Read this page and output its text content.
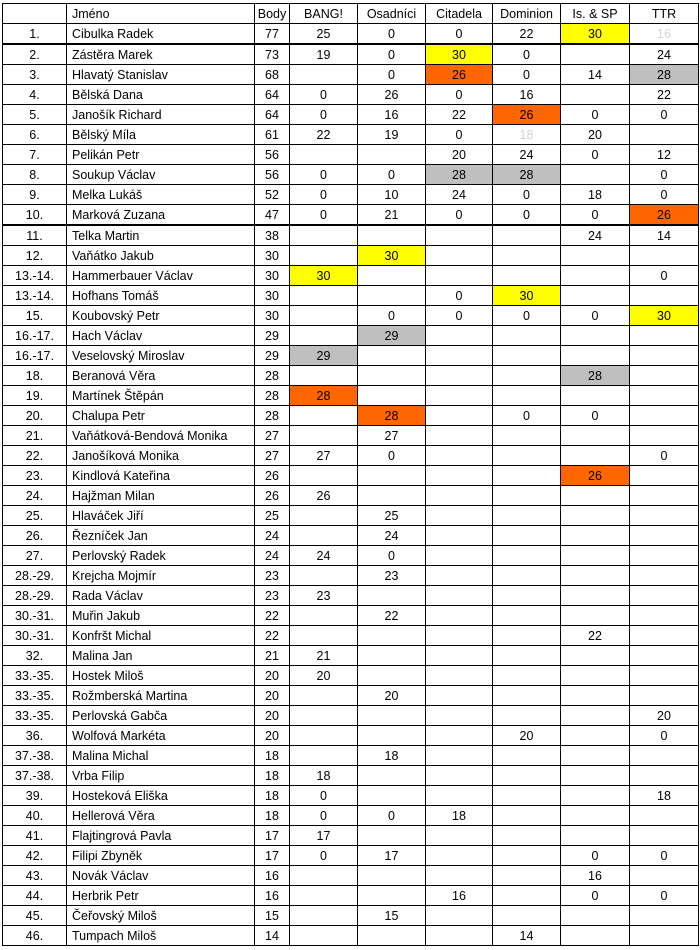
	Jméno	Body	BANG!	Osadníci	Citadela	Dominion	Is. & SP	TTR
1.	Cibulka Radek	77	25	0	0	22	30	16
2.	Zástěra Marek	73	19	0	30	0		24
3.	Hlavatý Stanislav	68		0	26	0	14	28
4.	Bělská Dana	64	0	26	0	16		22
5.	Janošík Richard	64	0	16	22	26	0	0
6.	Bělský Míla	61	22	19	0	18	20	
7.	Pelikán Petr	56			20	24	0	12
8.	Soukup Václav	56	0	0	28	28		0
9.	Melka Lukáš	52	0	10	24	0	18	0
10.	Marková Zuzana	47	0	21	0	0	0	26
11.	Telka Martin	38					24	14
12.	Vaňátko Jakub	30		30				
13.-14.	Hammerbauer Václav	30	30					0
13.-14.	Hofhans Tomáš	30			0	30		
15.	Koubovský Petr	30		0	0	0	0	30
16.-17.	Hach Václav	29		29				
16.-17.	Veselovský Miroslav	29	29					
18.	Beranová Věra	28					28	
19.	Martínek Štěpán	28	28					
20.	Chalupa Petr	28		28		0	0	
21.	Vaňátková-Bendová Monika	27		27				
22.	Janošíková Monika	27	27	0				0
23.	Kindlová Kateřina	26					26	
24.	Hajžman Milan	26	26					
25.	Hlaváček Jiří	25		25				
26.	Řezníček Jan	24		24				
27.	Perlovský Radek	24	24	0				
28.-29.	Krejcha Mojmír	23		23				
28.-29.	Rada Václav	23	23					
30.-31.	Muřin Jakub	22		22				
30.-31.	Konfršt Michal	22					22	
32.	Malina Jan	21	21					
33.-35.	Hostek Miloš	20	20					
33.-35.	Rožmberská Martina	20		20				
33.-35.	Perlovská Gabča	20						20
36.	Wolfová Markéta	20				20		0
37.-38.	Malina Michal	18		18				
37.-38.	Vrba Filip	18	18					
39.	Hosteková Eliška	18	0					18
40.	Hellerová Věra	18	0	0	18			
41.	Flajtingrová Pavla	17	17					
42.	Filipi Zbyněk	17	0	17			0	0
43.	Novák Václav	16					16	
44.	Herbrik Petr	16			16		0	0
45.	Čeřovský Miloš	15		15				
46.	Tumpach Miloš	14				14		
